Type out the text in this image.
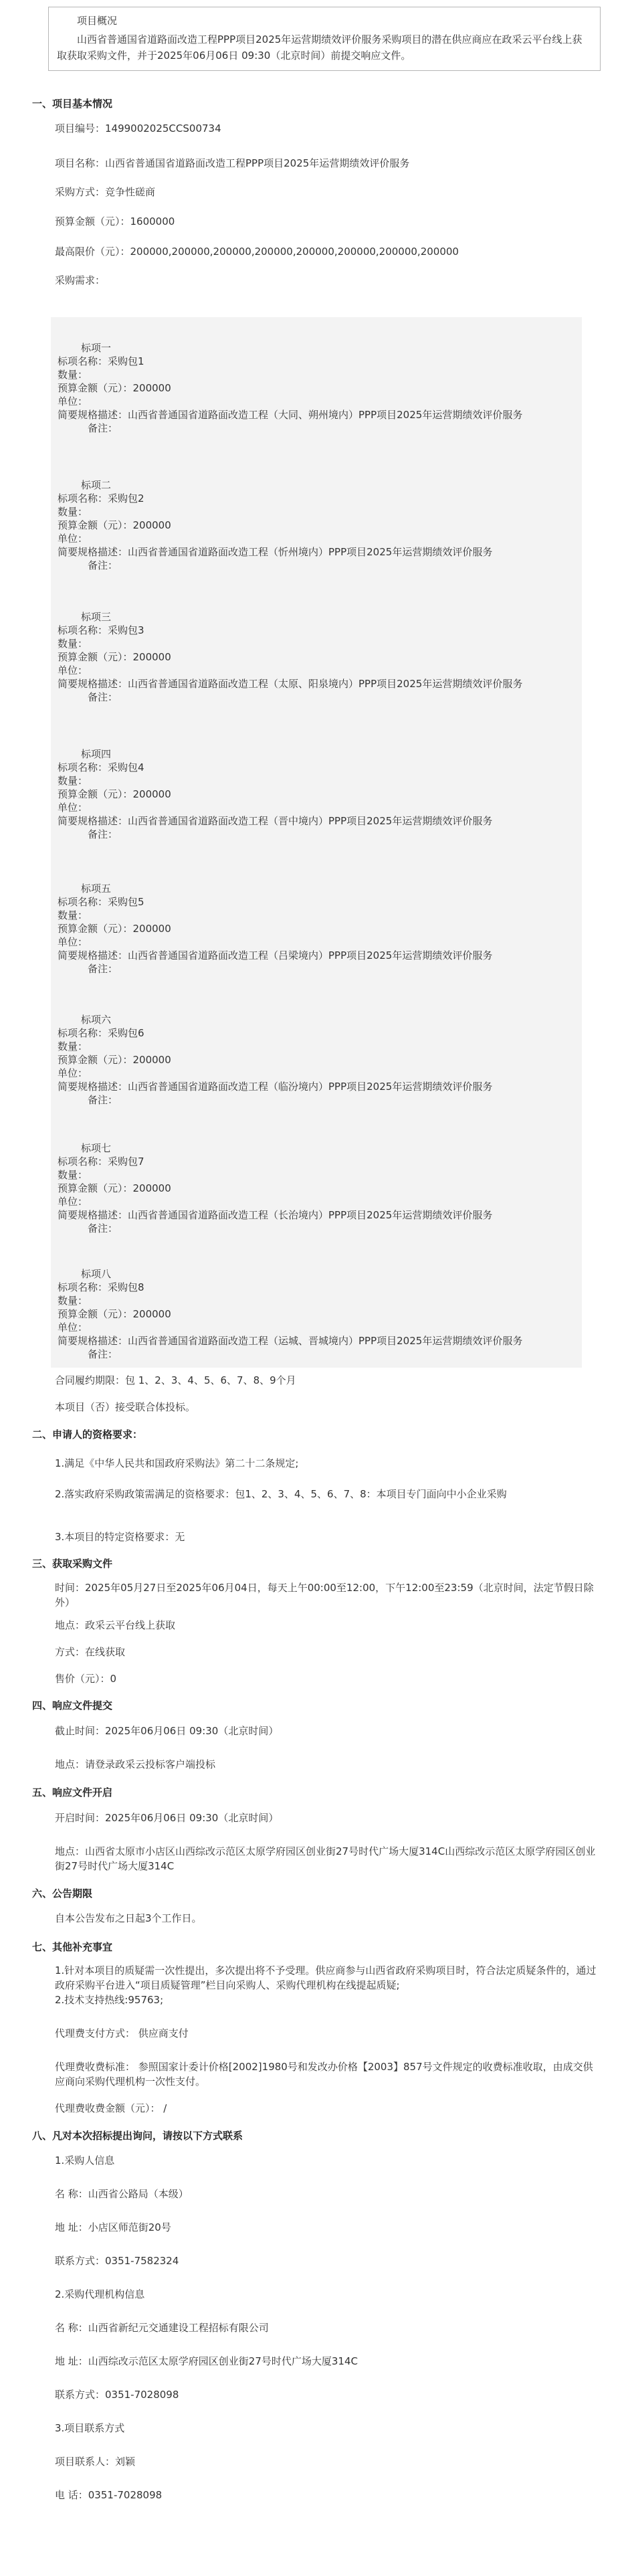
项目概况
山西省普通国省道路面改造工程PPP项目2025年运营期绩效评价服务采购项目的潜在供应商应在政采云平台线上获取获取采购文件，并于2025年06月06日 09:30（北京时间）前提交响应文件。
一、项目基本情况
项目编号：1499002025CCS00734
项目名称：山西省普通国省道路面改造工程PPP项目2025年运营期绩效评价服务
采购方式：竞争性磋商
预算金额（元）：1600000
最高限价（元）：200000,200000,200000,200000,200000,200000,200000,200000
采购需求：
标项一
标项名称：采购包1
数量：
预算金额（元）：200000
单位：
简要规格描述：山西省普通国省道路面改造工程（大同、朔州境内）PPP项目2025年运营期绩效评价服务
备注：
标项二
标项名称：采购包2
数量：
预算金额（元）：200000
单位：
简要规格描述：山西省普通国省道路面改造工程（忻州境内）PPP项目2025年运营期绩效评价服务
备注：
标项三
标项名称：采购包3
数量：
预算金额（元）：200000
单位：
简要规格描述：山西省普通国省道路面改造工程（太原、阳泉境内）PPP项目2025年运营期绩效评价服务
备注：
标项四
标项名称：采购包4
数量：
预算金额（元）：200000
单位：
简要规格描述：山西省普通国省道路面改造工程（晋中境内）PPP项目2025年运营期绩效评价服务
备注：
标项五
标项名称：采购包5
数量：
预算金额（元）：200000
单位：
简要规格描述：山西省普通国省道路面改造工程（吕梁境内）PPP项目2025年运营期绩效评价服务
备注：
标项六
标项名称：采购包6
数量：
预算金额（元）：200000
单位：
简要规格描述：山西省普通国省道路面改造工程（临汾境内）PPP项目2025年运营期绩效评价服务
备注：
标项七
标项名称：采购包7
数量：
预算金额（元）：200000
单位：
简要规格描述：山西省普通国省道路面改造工程（长治境内）PPP项目2025年运营期绩效评价服务
备注：
标项八
标项名称：采购包8
数量：
预算金额（元）：200000
单位：
简要规格描述：山西省普通国省道路面改造工程（运城、晋城境内）PPP项目2025年运营期绩效评价服务
备注：
合同履约期限：包 1、2、3、4、5、6、7、8、9个月
本项目（否）接受联合体投标。
二、申请人的资格要求：
1.满足《中华人民共和国政府采购法》第二十二条规定;
2.落实政府采购政策需满足的资格要求：包1、2、3、4、5、6、7、8：本项目专门面向中小企业采购
3.本项目的特定资格要求：无
三、获取采购文件
时间：2025年05月27日至2025年06月04日，每天上午00:00至12:00，下午12:00至23:59（北京时间，法定节假日除外）
地点：政采云平台线上获取
方式：在线获取
售价（元）：0
四、响应文件提交
截止时间：2025年06月06日 09:30（北京时间）
地点：请登录政采云投标客户端投标
五、响应文件开启
开启时间：2025年06月06日 09:30（北京时间）
地点：山西省太原市小店区山西综改示范区太原学府园区创业街27号时代广场大厦314C山西综改示范区太原学府园区创业街27号时代广场大厦314C
六、公告期限
自本公告发布之日起3个工作日。
七、其他补充事宜
1.针对本项目的质疑需一次性提出，多次提出将不予受理。供应商参与山西省政府采购项目时，符合法定质疑条件的，通过政府采购平台进入“项目质疑管理”栏目向采购人、采购代理机构在线提起质疑;
2.技术支持热线:95763;
代理费支付方式： 供应商支付
代理费收费标准： 参照国家计委计价格[2002]1980号和发改办价格【2003】857号文件规定的收费标准收取，由成交供应商向采购代理机构一次性支付。
代理费收费金额（元）： /
八、凡对本次招标提出询问，请按以下方式联系
1.采购人信息
名 称：山西省公路局（本级）
地 址：小店区师范街20号
联系方式：0351-7582324
2.采购代理机构信息
名 称：山西省新纪元交通建设工程招标有限公司
地 址：山西综改示范区太原学府园区创业街27号时代广场大厦314C
联系方式：0351-7028098
3.项目联系方式
项目联系人：刘颖
电 话：0351-7028098
